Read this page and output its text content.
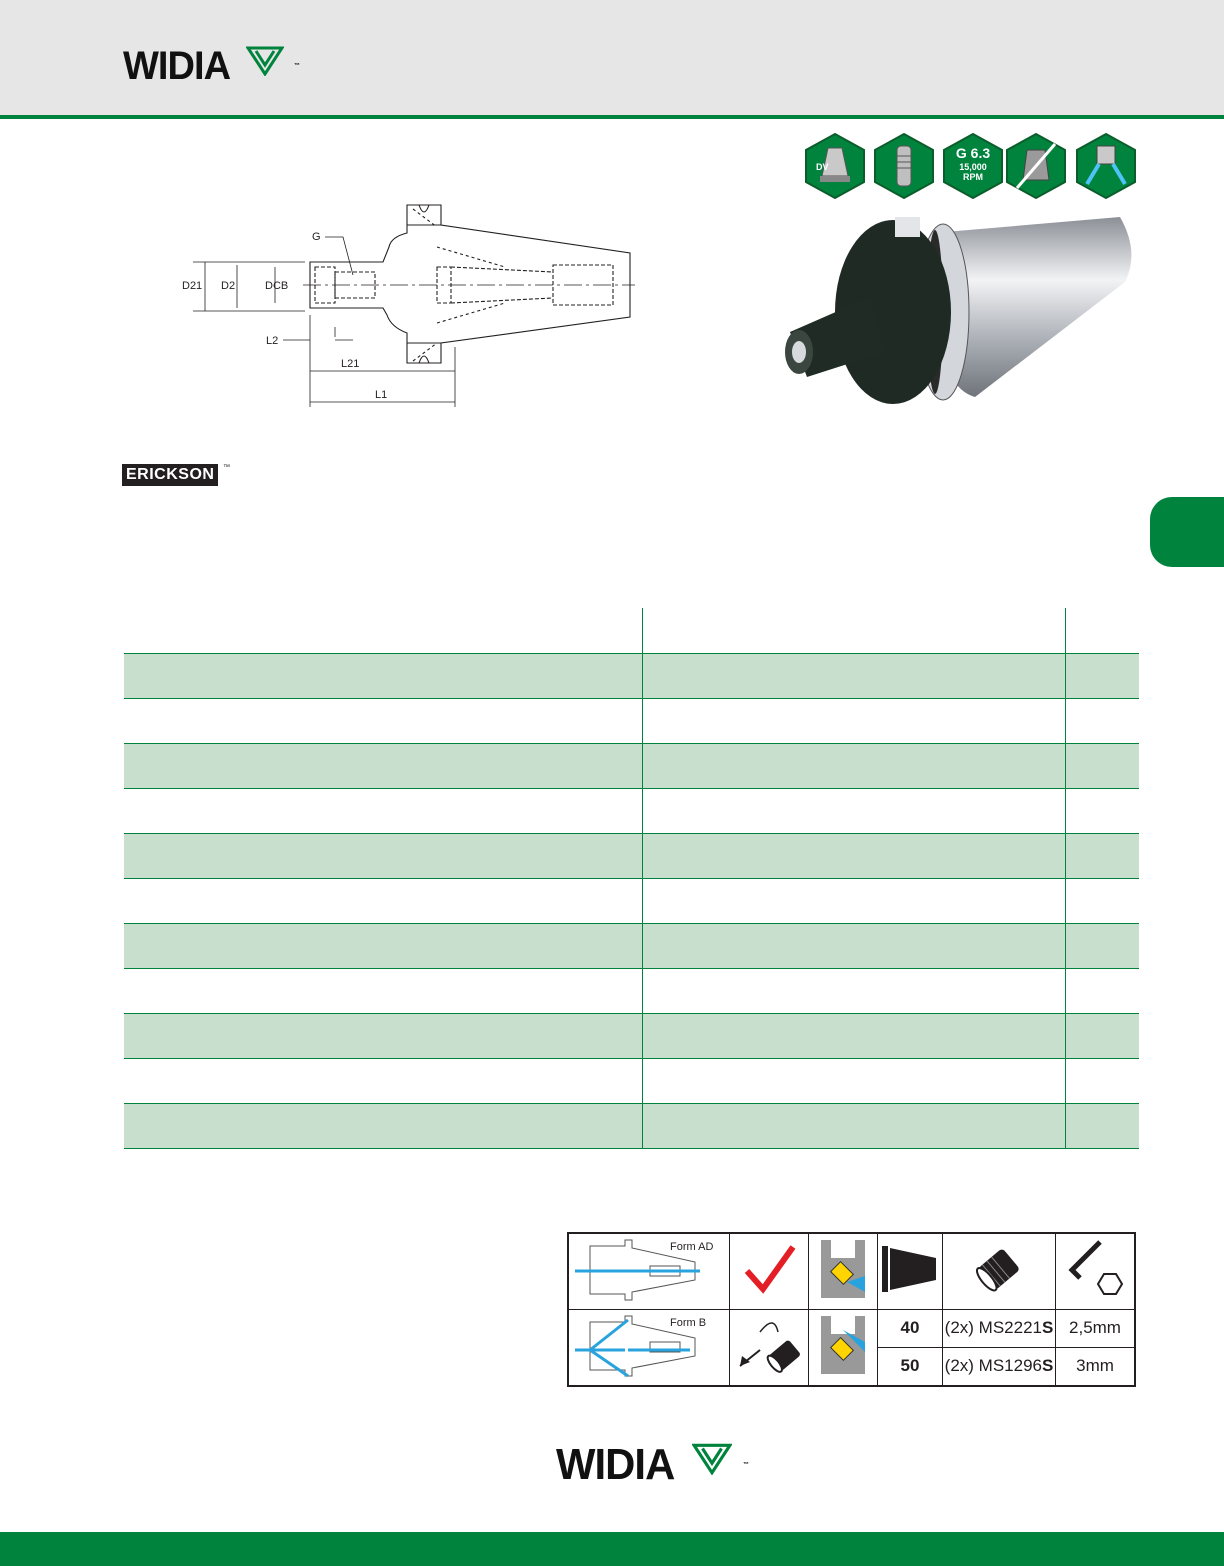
WIDIA	™
DV
G 6.3
15,000
RPM
G
D21 D2	DCB
L2
L21
L1
ERICKSON	™

Form AD

Form B			40	(2x) MS2221S	2,5mm
			50	(2x) MS1296S	3mm
WIDIA	™
